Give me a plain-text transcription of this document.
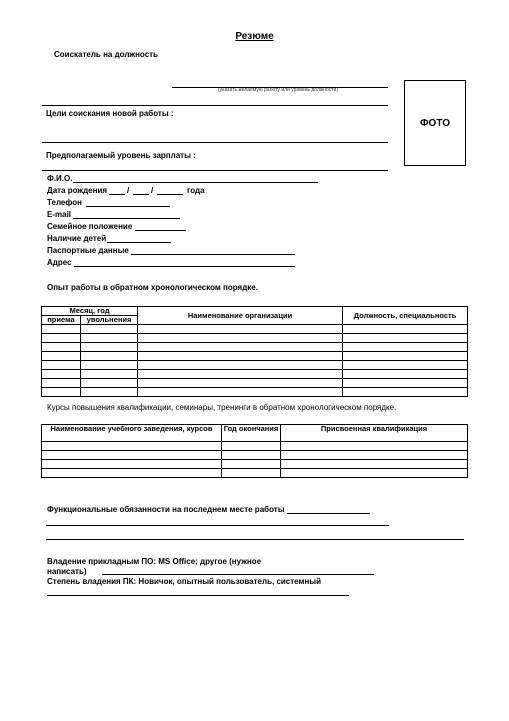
Резюме
Соискатель на должность
(указать желаемую работу или уровень должности)
ФОТО
Цели соискания новой работы :
Предполагаемый уровень зарплаты :
Ф.И.О.
Дата рождения /	/	года
Телефон
E-mail
Семейное положение
Наличие детей
Паспортные данные
Адрес
Опыт работы в обратном хронологическом порядке.
Месяц, год		Наименование организации	Должность, специальность
приема	увольнения		

Курсы повышения квалификации, семинары, тренинги в обратном хронологическом порядке.
Наименование учебного заведения, курсов	Год окончания	Присвоенная квалификация

Функциональные обязанности на последнем месте работы
Владение прикладным ПО: MS Office; другое (нужное написать)
Степень владения ПК: Новичок, опытный пользователь, системный
